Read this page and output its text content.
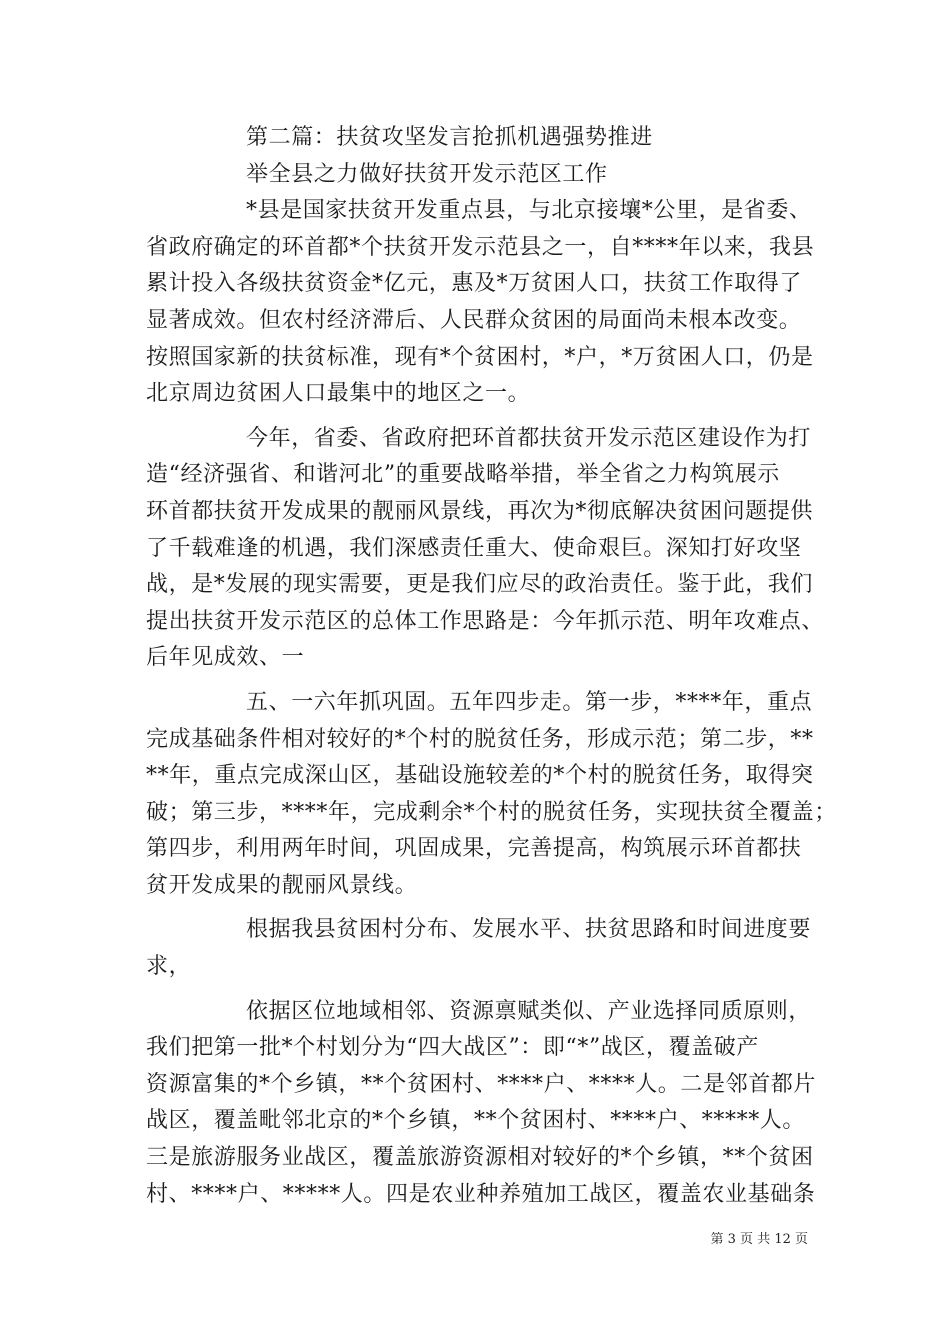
第二篇：扶贫攻坚发言抢抓机遇强势推进
举全县之力做好扶贫开发示范区工作
*县是国家扶贫开发重点县，与北京接壤*公里，是省委、
省政府确定的环首都*个扶贫开发示范县之一，自****年以来，我县
累计投入各级扶贫资金*亿元，惠及*万贫困人口，扶贫工作取得了
显著成效。但农村经济滞后、人民群众贫困的局面尚未根本改变。
按照国家新的扶贫标准，现有*个贫困村，*户，*万贫困人口，仍是
北京周边贫困人口最集中的地区之一。
今年，省委、省政府把环首都扶贫开发示范区建设作为打
造“经济强省、和谐河北”的重要战略举措，举全省之力构筑展示
环首都扶贫开发成果的靓丽风景线，再次为*彻底解决贫困问题提供
了千载难逢的机遇，我们深感责任重大、使命艰巨。深知打好攻坚
战，是*发展的现实需要，更是我们应尽的政治责任。鉴于此，我们
提出扶贫开发示范区的总体工作思路是：今年抓示范、明年攻难点、
后年见成效、一
五、一六年抓巩固。五年四步走。第一步，****年，重点
完成基础条件相对较好的*个村的脱贫任务，形成示范；第二步，**
**年，重点完成深山区，基础设施较差的*个村的脱贫任务，取得突
破；第三步，****年，完成剩余*个村的脱贫任务，实现扶贫全覆盖；
第四步，利用两年时间，巩固成果，完善提高，构筑展示环首都扶
贫开发成果的靓丽风景线。
根据我县贫困村分布、发展水平、扶贫思路和时间进度要
求，
依据区位地域相邻、资源禀赋类似、产业选择同质原则，
我们把第一批*个村划分为“四大战区”：即“*”战区，覆盖破产
资源富集的*个乡镇，**个贫困村、****户、****人。二是邻首都片
战区，覆盖毗邻北京的*个乡镇，**个贫困村、****户、*****人。
三是旅游服务业战区，覆盖旅游资源相对较好的*个乡镇，**个贫困
村、****户、*****人。四是农业种养殖加工战区，覆盖农业基础条
第 3 页 共 12 页
